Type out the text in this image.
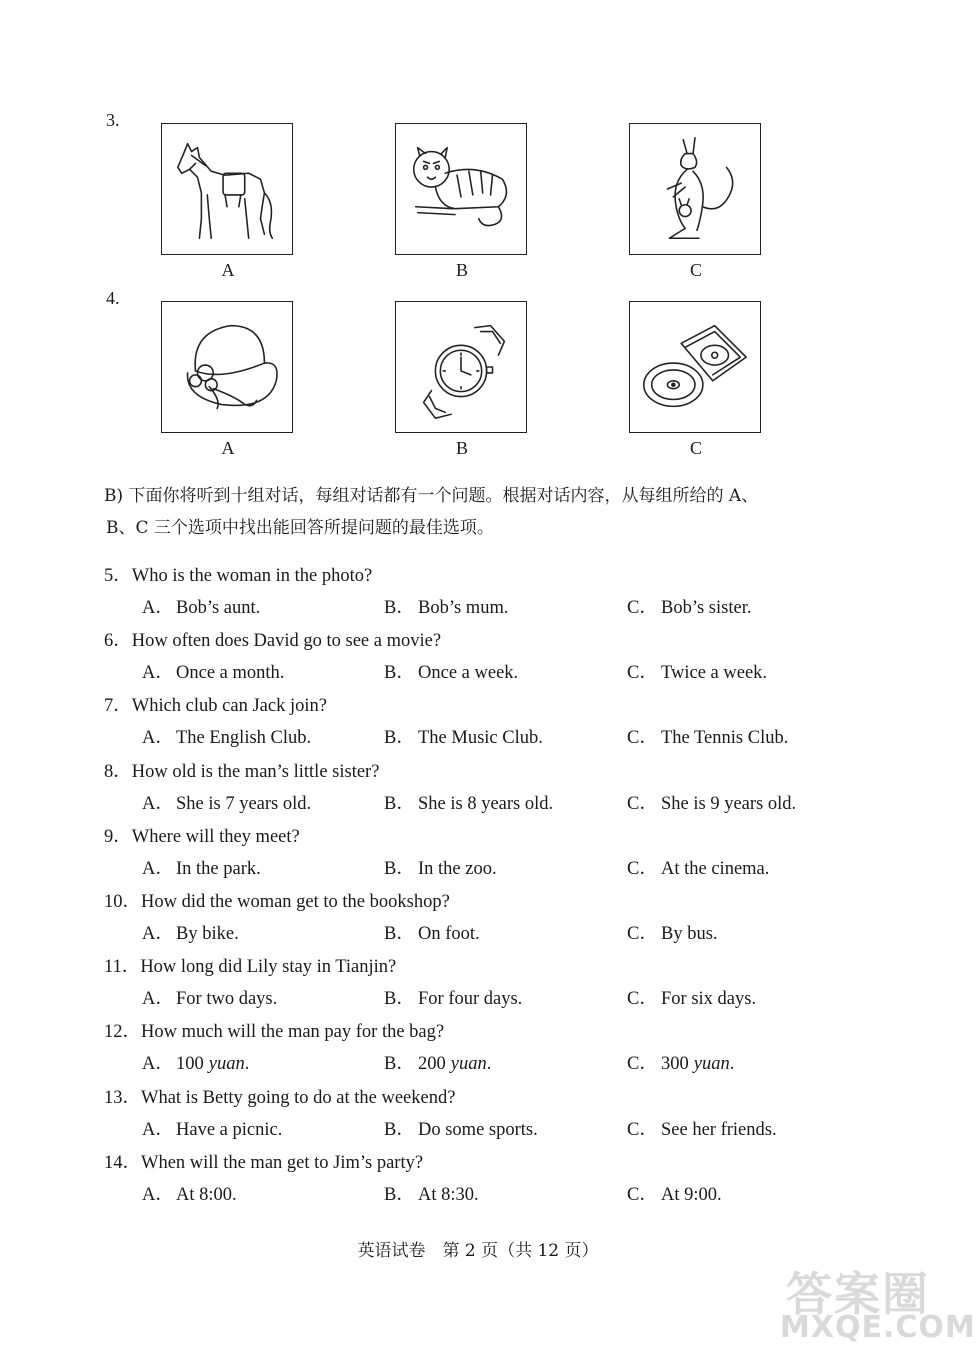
3.
A	B	C
4.
A	B	C
B) 下面你将听到十组对话，每组对话都有一个问题。根据对话内容，从每组所给的 A、
B、C 三个选项中找出能回答所提问题的最佳选项。
5．Who is the woman in the photo?
A． Bob’s aunt.	B． Bob’s mum.	C． Bob’s sister.
6．How often does David go to see a movie?
A． Once a month.	B． Once a week.	C． Twice a week.
7．Which club can Jack join?
A． The English Club.	B． The Music Club.	C． The Tennis Club.
8．How old is the man’s little sister?
A． She is 7 years old.	B． She is 8 years old.	C． She is 9 years old.
9．Where will they meet?
A． In the park.	B． In the zoo.	C． At the cinema.
10．How did the woman get to the bookshop?
A． By bike.	B． On foot.	C． By bus.
11．How long did Lily stay in Tianjin?
A． For two days.	B． For four days.	C． For six days.
12．How much will the man pay for the bag?
A． 100 yuan.	B． 200 yuan.	C． 300 yuan.
13．What is Betty going to do at the weekend?
A． Have a picnic.	B． Do some sports.	C． See her friends.
14．When will the man get to Jim’s party?
A． At 8:00.	B． At 8:30.	C． At 9:00.
英语试卷　第 2 页（共 12 页）
答案圈
MXQE.COM
